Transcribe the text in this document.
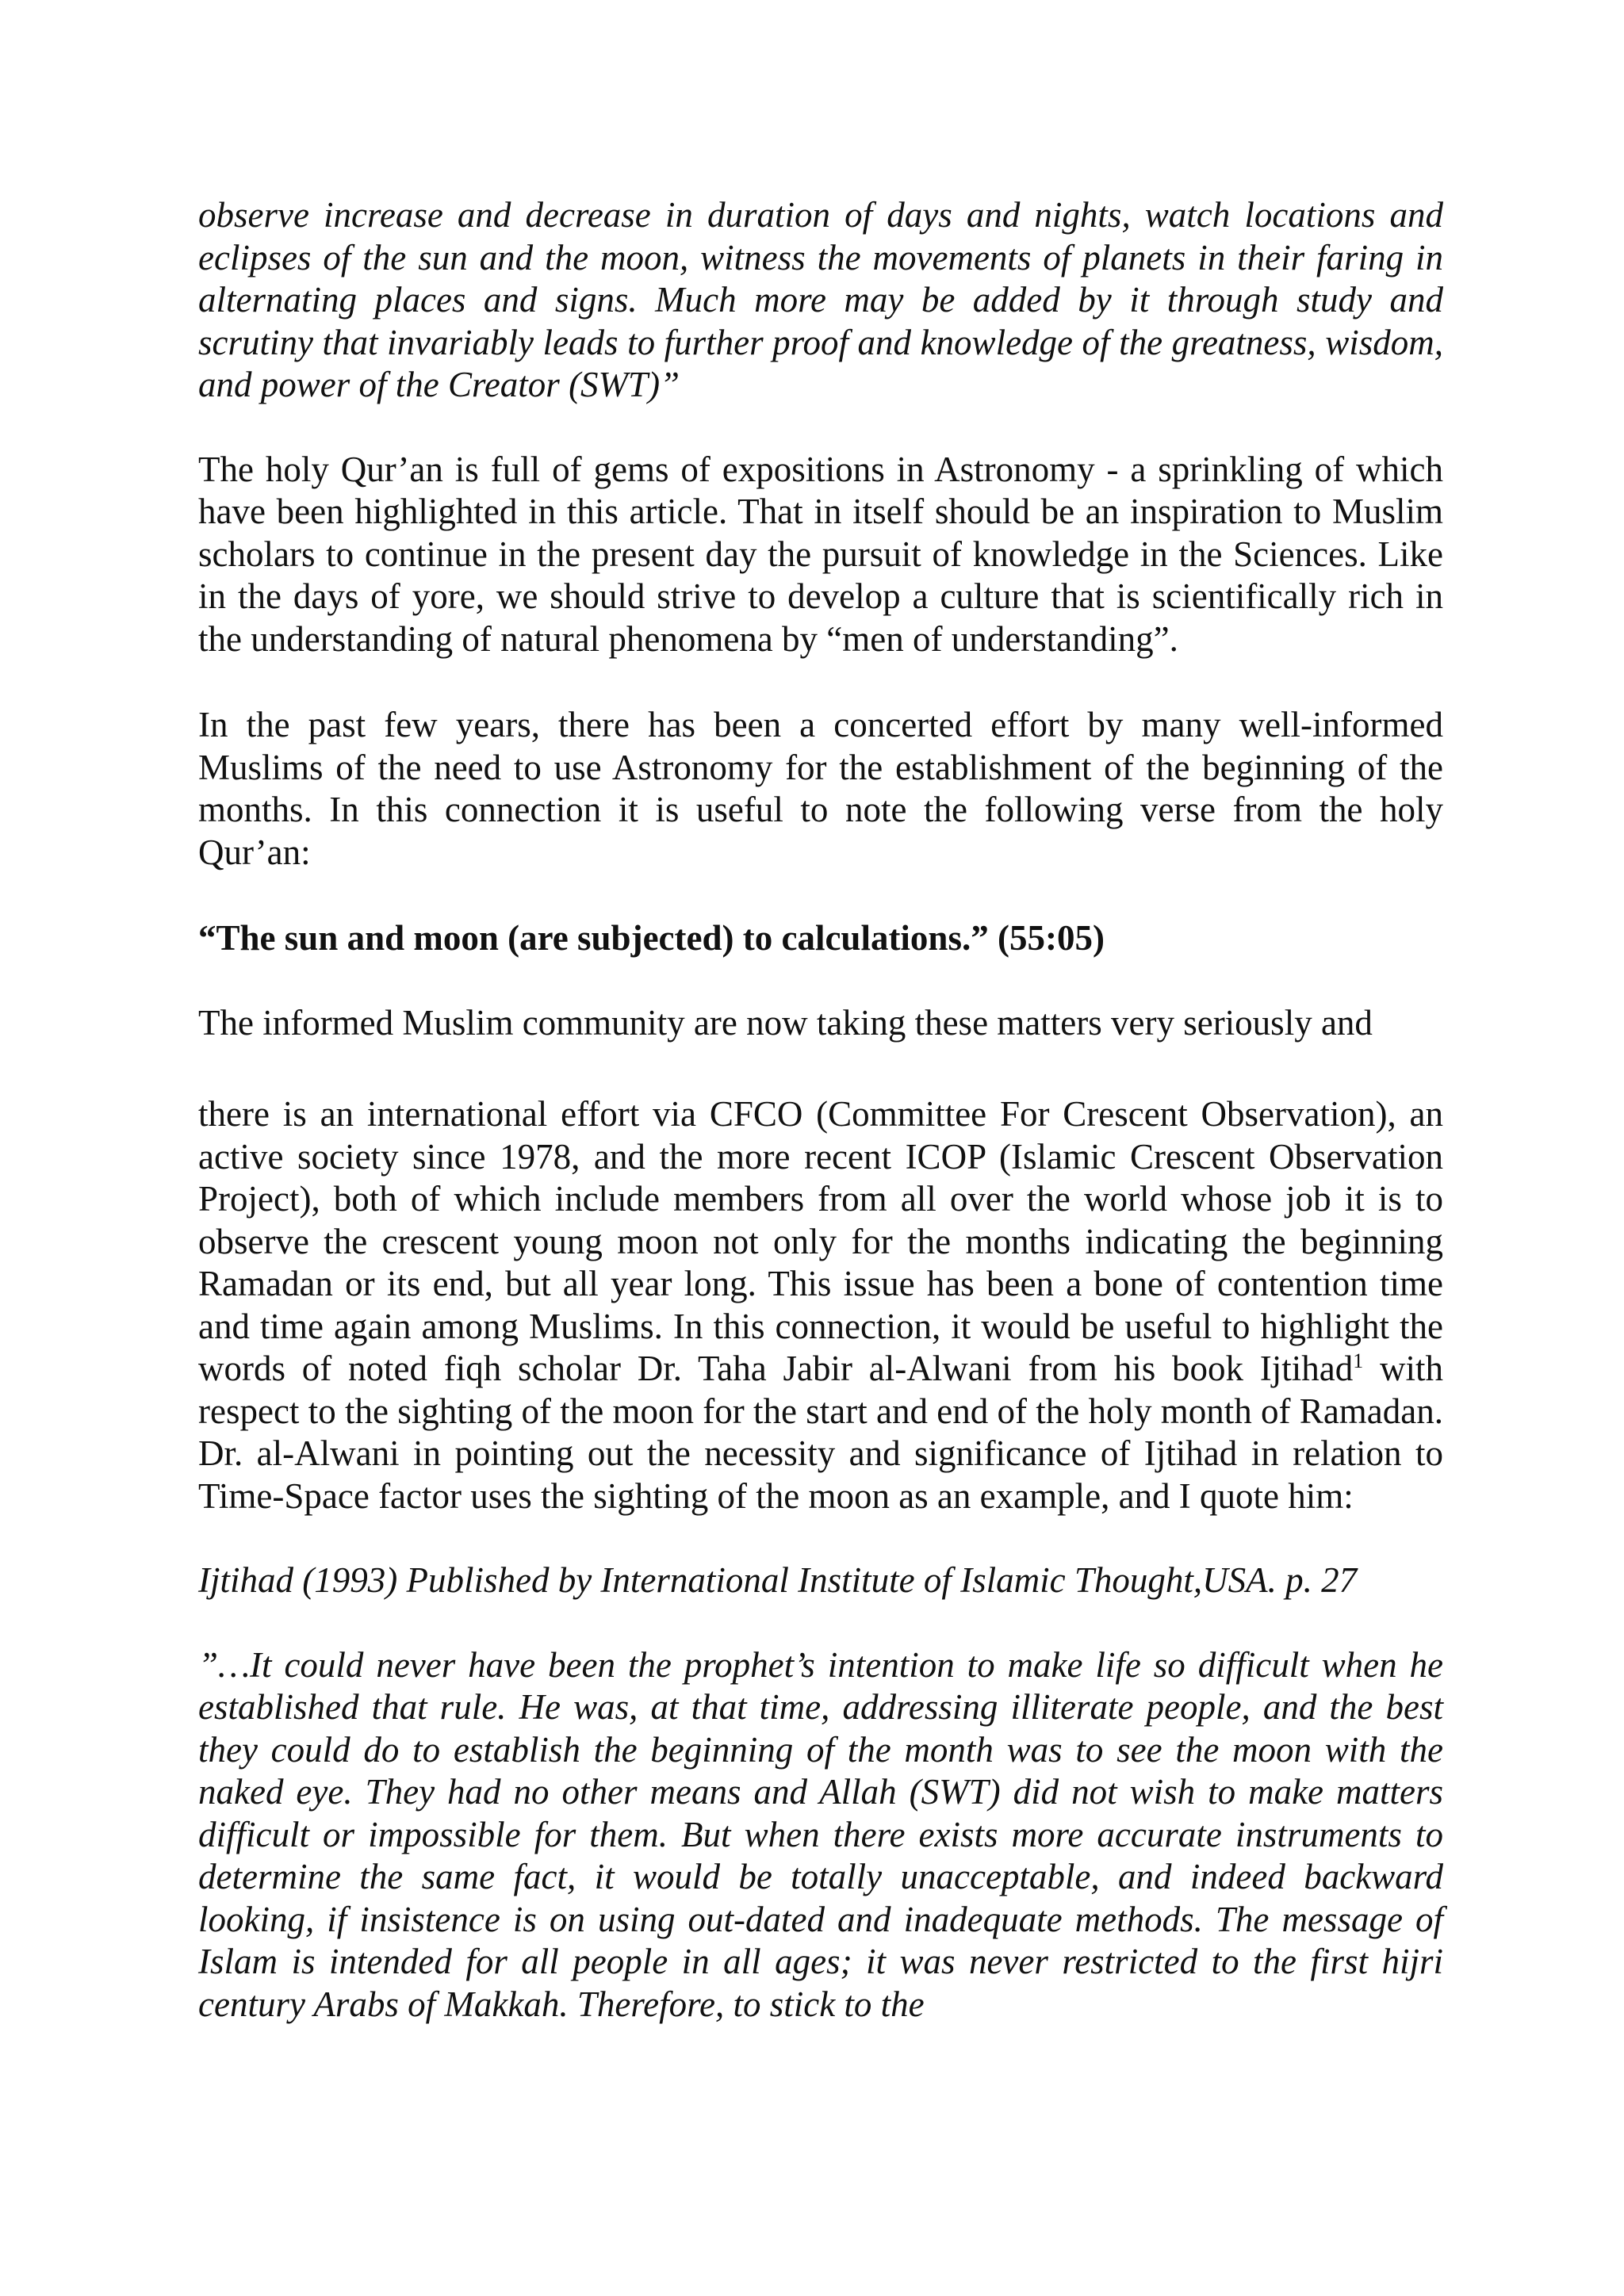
observe increase and decrease in duration of days and nights, watch locations and eclipses of the sun and the moon, witness the movements of planets in their faring in alternating places and signs. Much more may be added by it through study and scrutiny that invariably leads to further proof and knowledge of the greatness, wisdom, and power of the Creator (SWT)”

The holy Qur’an is full of gems of expositions in Astronomy - a sprinkling of which have been highlighted in this article. That in itself should be an inspiration to Muslim scholars to continue in the present day the pursuit of knowledge in the Sciences. Like in the days of yore, we should strive to develop a culture that is scientifically rich in the understanding of natural phenomena by “men of understanding”.

In the past few years, there has been a concerted effort by many well-informed Muslims of the need to use Astronomy for the establishment of the beginning of the months. In this connection it is useful to note the following verse from the holy Qur’an:

“The sun and moon (are subjected) to calculations.” (55:05)

The informed Muslim community are now taking these matters very seriously and

there is an international effort via CFCO (Committee For Crescent Observation), an active society since 1978, and the more recent ICOP (Islamic Crescent Observation Project), both of which include members from all over the world whose job it is to observe the crescent young moon not only for the months indicating the beginning Ramadan or its end, but all year long. This issue has been a bone of contention time and time again among Muslims. In this connection, it would be useful to highlight the words of noted fiqh scholar Dr. Taha Jabir al-Alwani from his book Ijtihad$^1$ with respect to the sighting of the moon for the start and end of the holy month of Ramadan. Dr. al-Alwani in pointing out the necessity and significance of Ijtihad in relation to Time-Space factor uses the sighting of the moon as an example, and I quote him:

Ijtihad (1993) Published by International Institute of Islamic Thought,USA. p. 27

”…It could never have been the prophet’s intention to make life so difficult when he established that rule. He was, at that time, addressing illiterate people, and the best they could do to establish the beginning of the month was to see the moon with the naked eye. They had no other means and Allah (SWT) did not wish to make matters difficult or impossible for them. But when there exists more accurate instruments to determine the same fact, it would be totally unacceptable, and indeed backward looking, if insistence is on using out-dated and inadequate methods. The message of Islam is intended for all people in all ages; it was never restricted to the first hijri century Arabs of Makkah. Therefore, to stick to the
